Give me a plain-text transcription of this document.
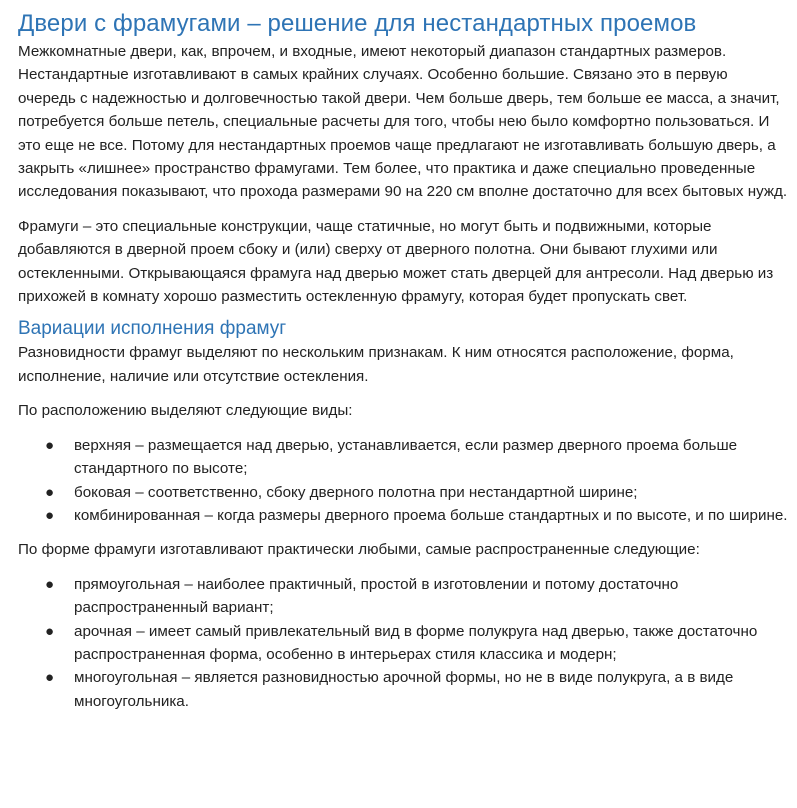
Двери с фрамугами – решение для нестандартных проемов

Межкомнатные двери, как, впрочем, и входные, имеют некоторый диапазон стандартных размеров. Нестандартные изготавливают в самых крайних случаях. Особенно большие. Связано это в первую очередь с надежностью и долговечностью такой двери. Чем больше дверь, тем больше ее масса, а значит, потребуется больше петель, специальные расчеты для того, чтобы нею было комфортно пользоваться. И это еще не все. Потому для нестандартных проемов чаще предлагают не изготавливать большую дверь, а закрыть «лишнее» пространство фрамугами. Тем более, что практика и даже специально проведенные исследования показывают, что прохода размерами 90 на 220 см вполне достаточно для всех бытовых нужд.

Фрамуги – это специальные конструкции, чаще статичные, но могут быть и подвижными, которые добавляются в дверной проем сбоку и (или) сверху от дверного полотна. Они бывают глухими или остекленными. Открывающаяся фрамуга над дверью может стать дверцей для антресоли. Над дверью из прихожей в комнату хорошо разместить остекленную фрамугу, которая будет пропускать свет.

Вариации исполнения фрамуг

Разновидности фрамуг выделяют по нескольким признакам. К ним относятся расположение, форма, исполнение, наличие или отсутствие остекления.

По расположению выделяют следующие виды:

● верхняя – размещается над дверью, устанавливается, если размер дверного проема больше стандартного по высоте;
● боковая – соответственно, сбоку дверного полотна при нестандартной ширине;
● комбинированная – когда размеры дверного проема больше стандартных и по высоте, и по ширине.

По форме фрамуги изготавливают практически любыми, самые распространенные следующие:

● прямоугольная – наиболее практичный, простой в изготовлении и потому достаточно распространенный вариант;
● арочная – имеет самый привлекательный вид в форме полукруга над дверью, также достаточно распространенная форма, особенно в интерьерах стиля классика и модерн;
● многоугольная – является разновидностью арочной формы, но не в виде полукруга, а в виде многоугольника.
